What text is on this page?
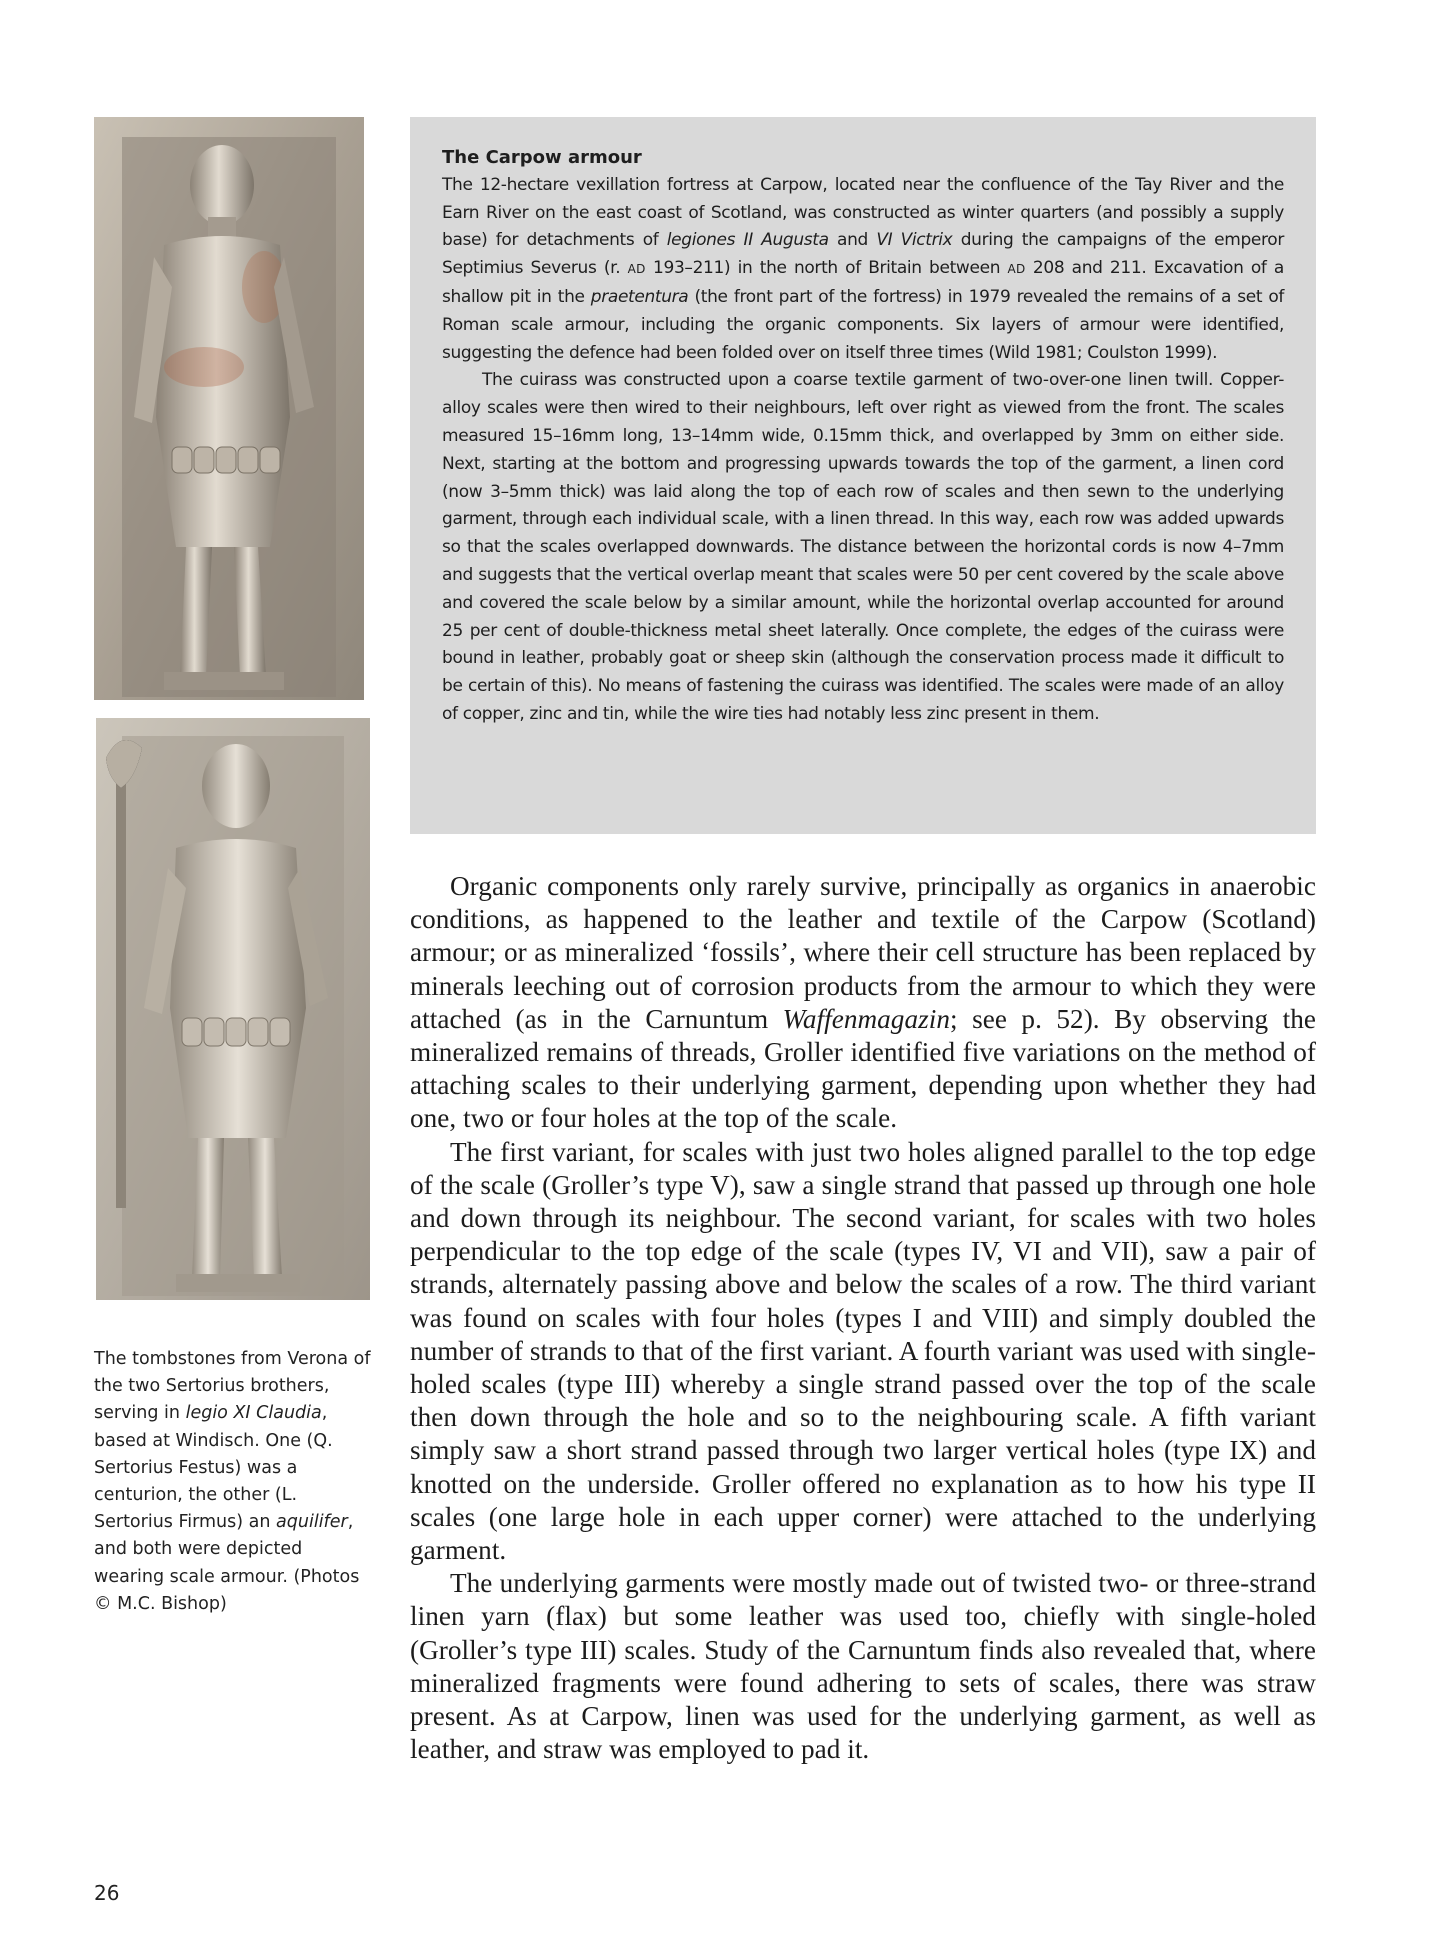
The tombstones from Verona of the two Sertorius brothers, serving in legio XI Claudia, based at Windisch. One (Q. Sertorius Festus) was a centurion, the other (L. Sertorius Firmus) an aquilifer, and both were depicted wearing scale armour. (Photos © M.C. Bishop)

The Carpow armour

The 12-hectare vexillation fortress at Carpow, located near the confluence of the Tay River and the Earn River on the east coast of Scotland, was constructed as winter quarters (and possibly a supply base) for detachments of legiones II Augusta and VI Victrix during the campaigns of the emperor Septimius Severus (r. AD 193–211) in the north of Britain between AD 208 and 211. Excavation of a shallow pit in the praetentura (the front part of the fortress) in 1979 revealed the remains of a set of Roman scale armour, including the organic components. Six layers of armour were identified, suggesting the defence had been folded over on itself three times (Wild 1981; Coulston 1999).

The cuirass was constructed upon a coarse textile garment of two-over-one linen twill. Copper-alloy scales were then wired to their neighbours, left over right as viewed from the front. The scales measured 15–16mm long, 13–14mm wide, 0.15mm thick, and overlapped by 3mm on either side. Next, starting at the bottom and progressing upwards towards the top of the garment, a linen cord (now 3–5mm thick) was laid along the top of each row of scales and then sewn to the underlying garment, through each individual scale, with a linen thread. In this way, each row was added upwards so that the scales overlapped downwards. The distance between the horizontal cords is now 4–7mm and suggests that the vertical overlap meant that scales were 50 per cent covered by the scale above and covered the scale below by a similar amount, while the horizontal overlap accounted for around 25 per cent of double-thickness metal sheet laterally. Once complete, the edges of the cuirass were bound in leather, probably goat or sheep skin (although the conservation process made it difficult to be certain of this). No means of fastening the cuirass was identified. The scales were made of an alloy of copper, zinc and tin, while the wire ties had notably less zinc present in them.

Organic components only rarely survive, principally as organics in anaerobic conditions, as happened to the leather and textile of the Carpow (Scotland) armour; or as mineralized ‘fossils’, where their cell structure has been replaced by minerals leeching out of corrosion products from the armour to which they were attached (as in the Carnuntum Waffenmagazin; see p. 52). By observing the mineralized remains of threads, Groller identified five variations on the method of attaching scales to their underlying garment, depending upon whether they had one, two or four holes at the top of the scale.

The first variant, for scales with just two holes aligned parallel to the top edge of the scale (Groller’s type V), saw a single strand that passed up through one hole and down through its neighbour. The second variant, for scales with two holes perpendicular to the top edge of the scale (types IV, VI and VII), saw a pair of strands, alternately passing above and below the scales of a row. The third variant was found on scales with four holes (types I and VIII) and simply doubled the number of strands to that of the first variant. A fourth variant was used with single-holed scales (type III) whereby a single strand passed over the top of the scale then down through the hole and so to the neighbouring scale. A fifth variant simply saw a short strand passed through two larger vertical holes (type IX) and knotted on the underside. Groller offered no explanation as to how his type II scales (one large hole in each upper corner) were attached to the underlying garment.

The underlying garments were mostly made out of twisted two- or three-strand linen yarn (flax) but some leather was used too, chiefly with single-holed (Groller’s type III) scales. Study of the Carnuntum finds also revealed that, where mineralized fragments were found adhering to sets of scales, there was straw present. As at Carpow, linen was used for the underlying garment, as well as leather, and straw was employed to pad it.

26
